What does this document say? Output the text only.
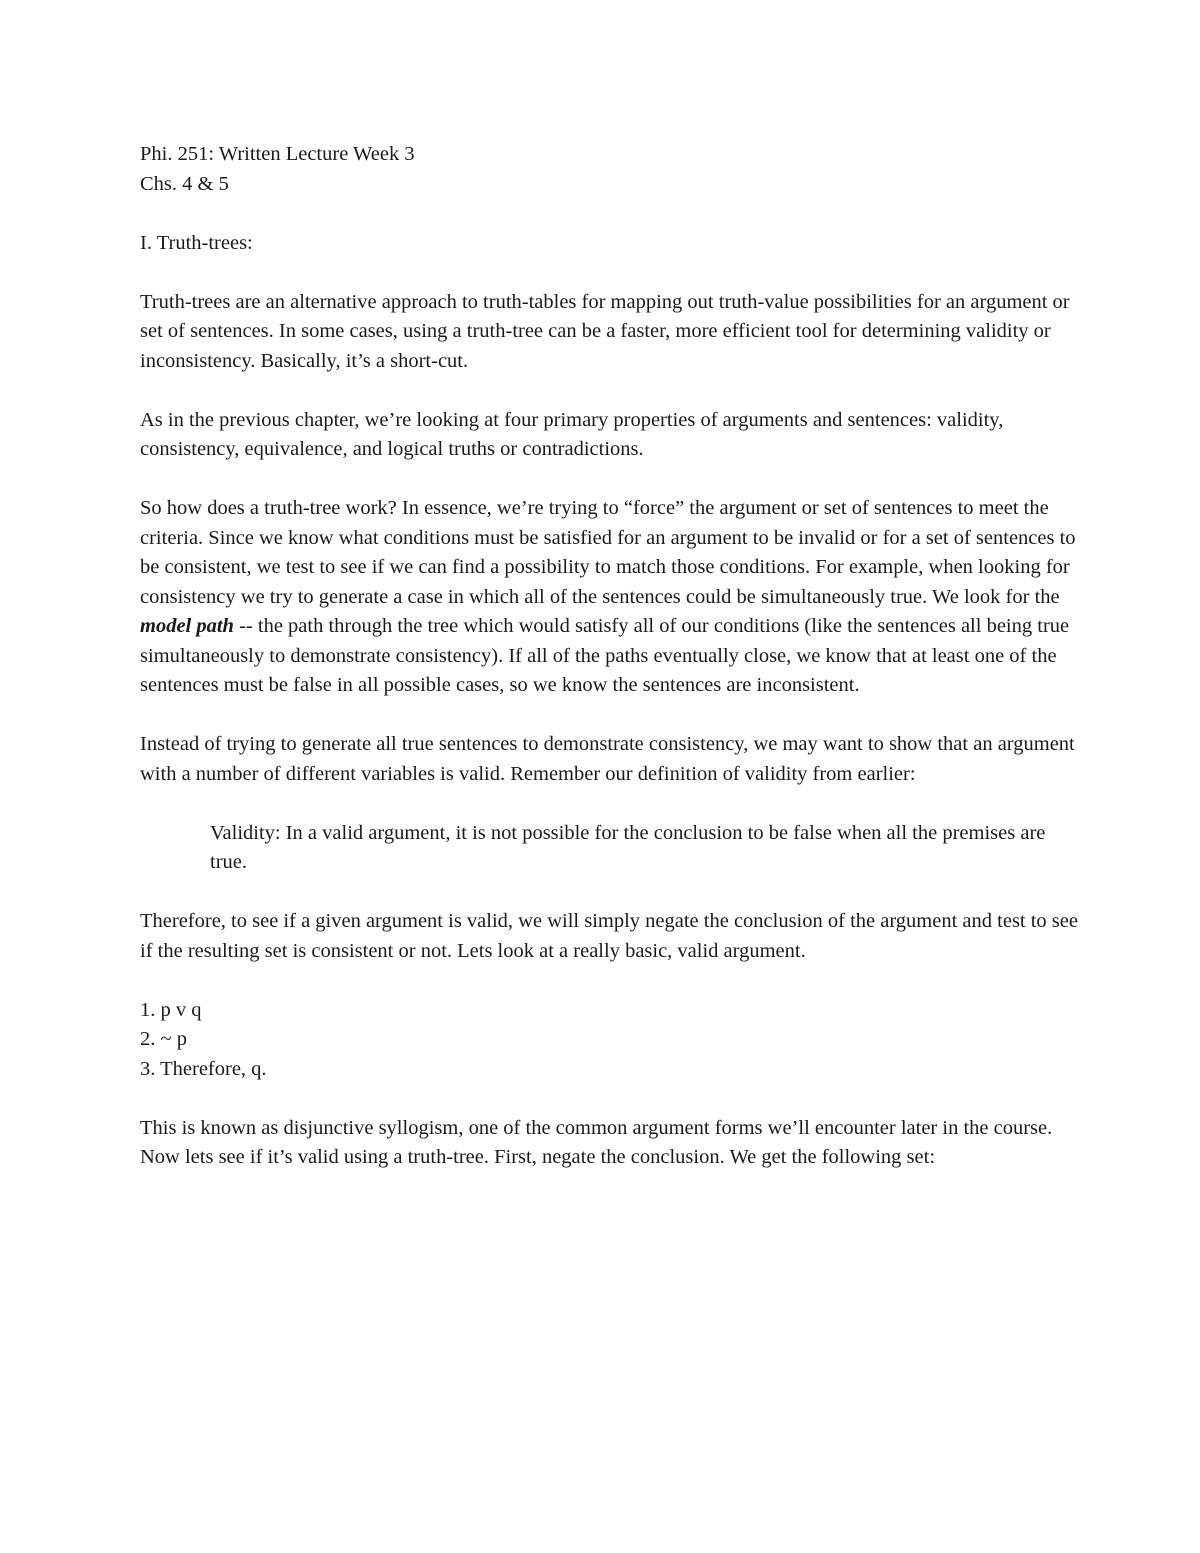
Phi. 251: Written Lecture Week 3

Chs. 4 & 5

I. Truth-trees:

Truth-trees are an alternative approach to truth-tables for mapping out truth-value possibilities for an argument or set of sentences. In some cases, using a truth-tree can be a faster, more efficient tool for determining validity or inconsistency. Basically, it’s a short-cut.

As in the previous chapter, we’re looking at four primary properties of arguments and sentences: validity, consistency, equivalence, and logical truths or contradictions.

So how does a truth-tree work? In essence, we’re trying to “force” the argument or set of sentences to meet the criteria. Since we know what conditions must be satisfied for an argument to be invalid or for a set of sentences to be consistent, we test to see if we can find a possibility to match those conditions. For example, when looking for consistency we try to generate a case in which all of the sentences could be simultaneously true. We look for the model path -- the path through the tree which would satisfy all of our conditions (like the sentences all being true simultaneously to demonstrate consistency). If all of the paths eventually close, we know that at least one of the sentences must be false in all possible cases, so we know the sentences are inconsistent.

Instead of trying to generate all true sentences to demonstrate consistency, we may want to show that an argument with a number of different variables is valid. Remember our definition of validity from earlier:

Validity: In a valid argument, it is not possible for the conclusion to be false when all the premises are true.

Therefore, to see if a given argument is valid, we will simply negate the conclusion of the argument and test to see if the resulting set is consistent or not. Lets look at a really basic, valid argument.

1. p v q
2. ~ p
3. Therefore, q.

This is known as disjunctive syllogism, one of the common argument forms we’ll encounter later in the course. Now lets see if it’s valid using a truth-tree. First, negate the conclusion. We get the following set:
